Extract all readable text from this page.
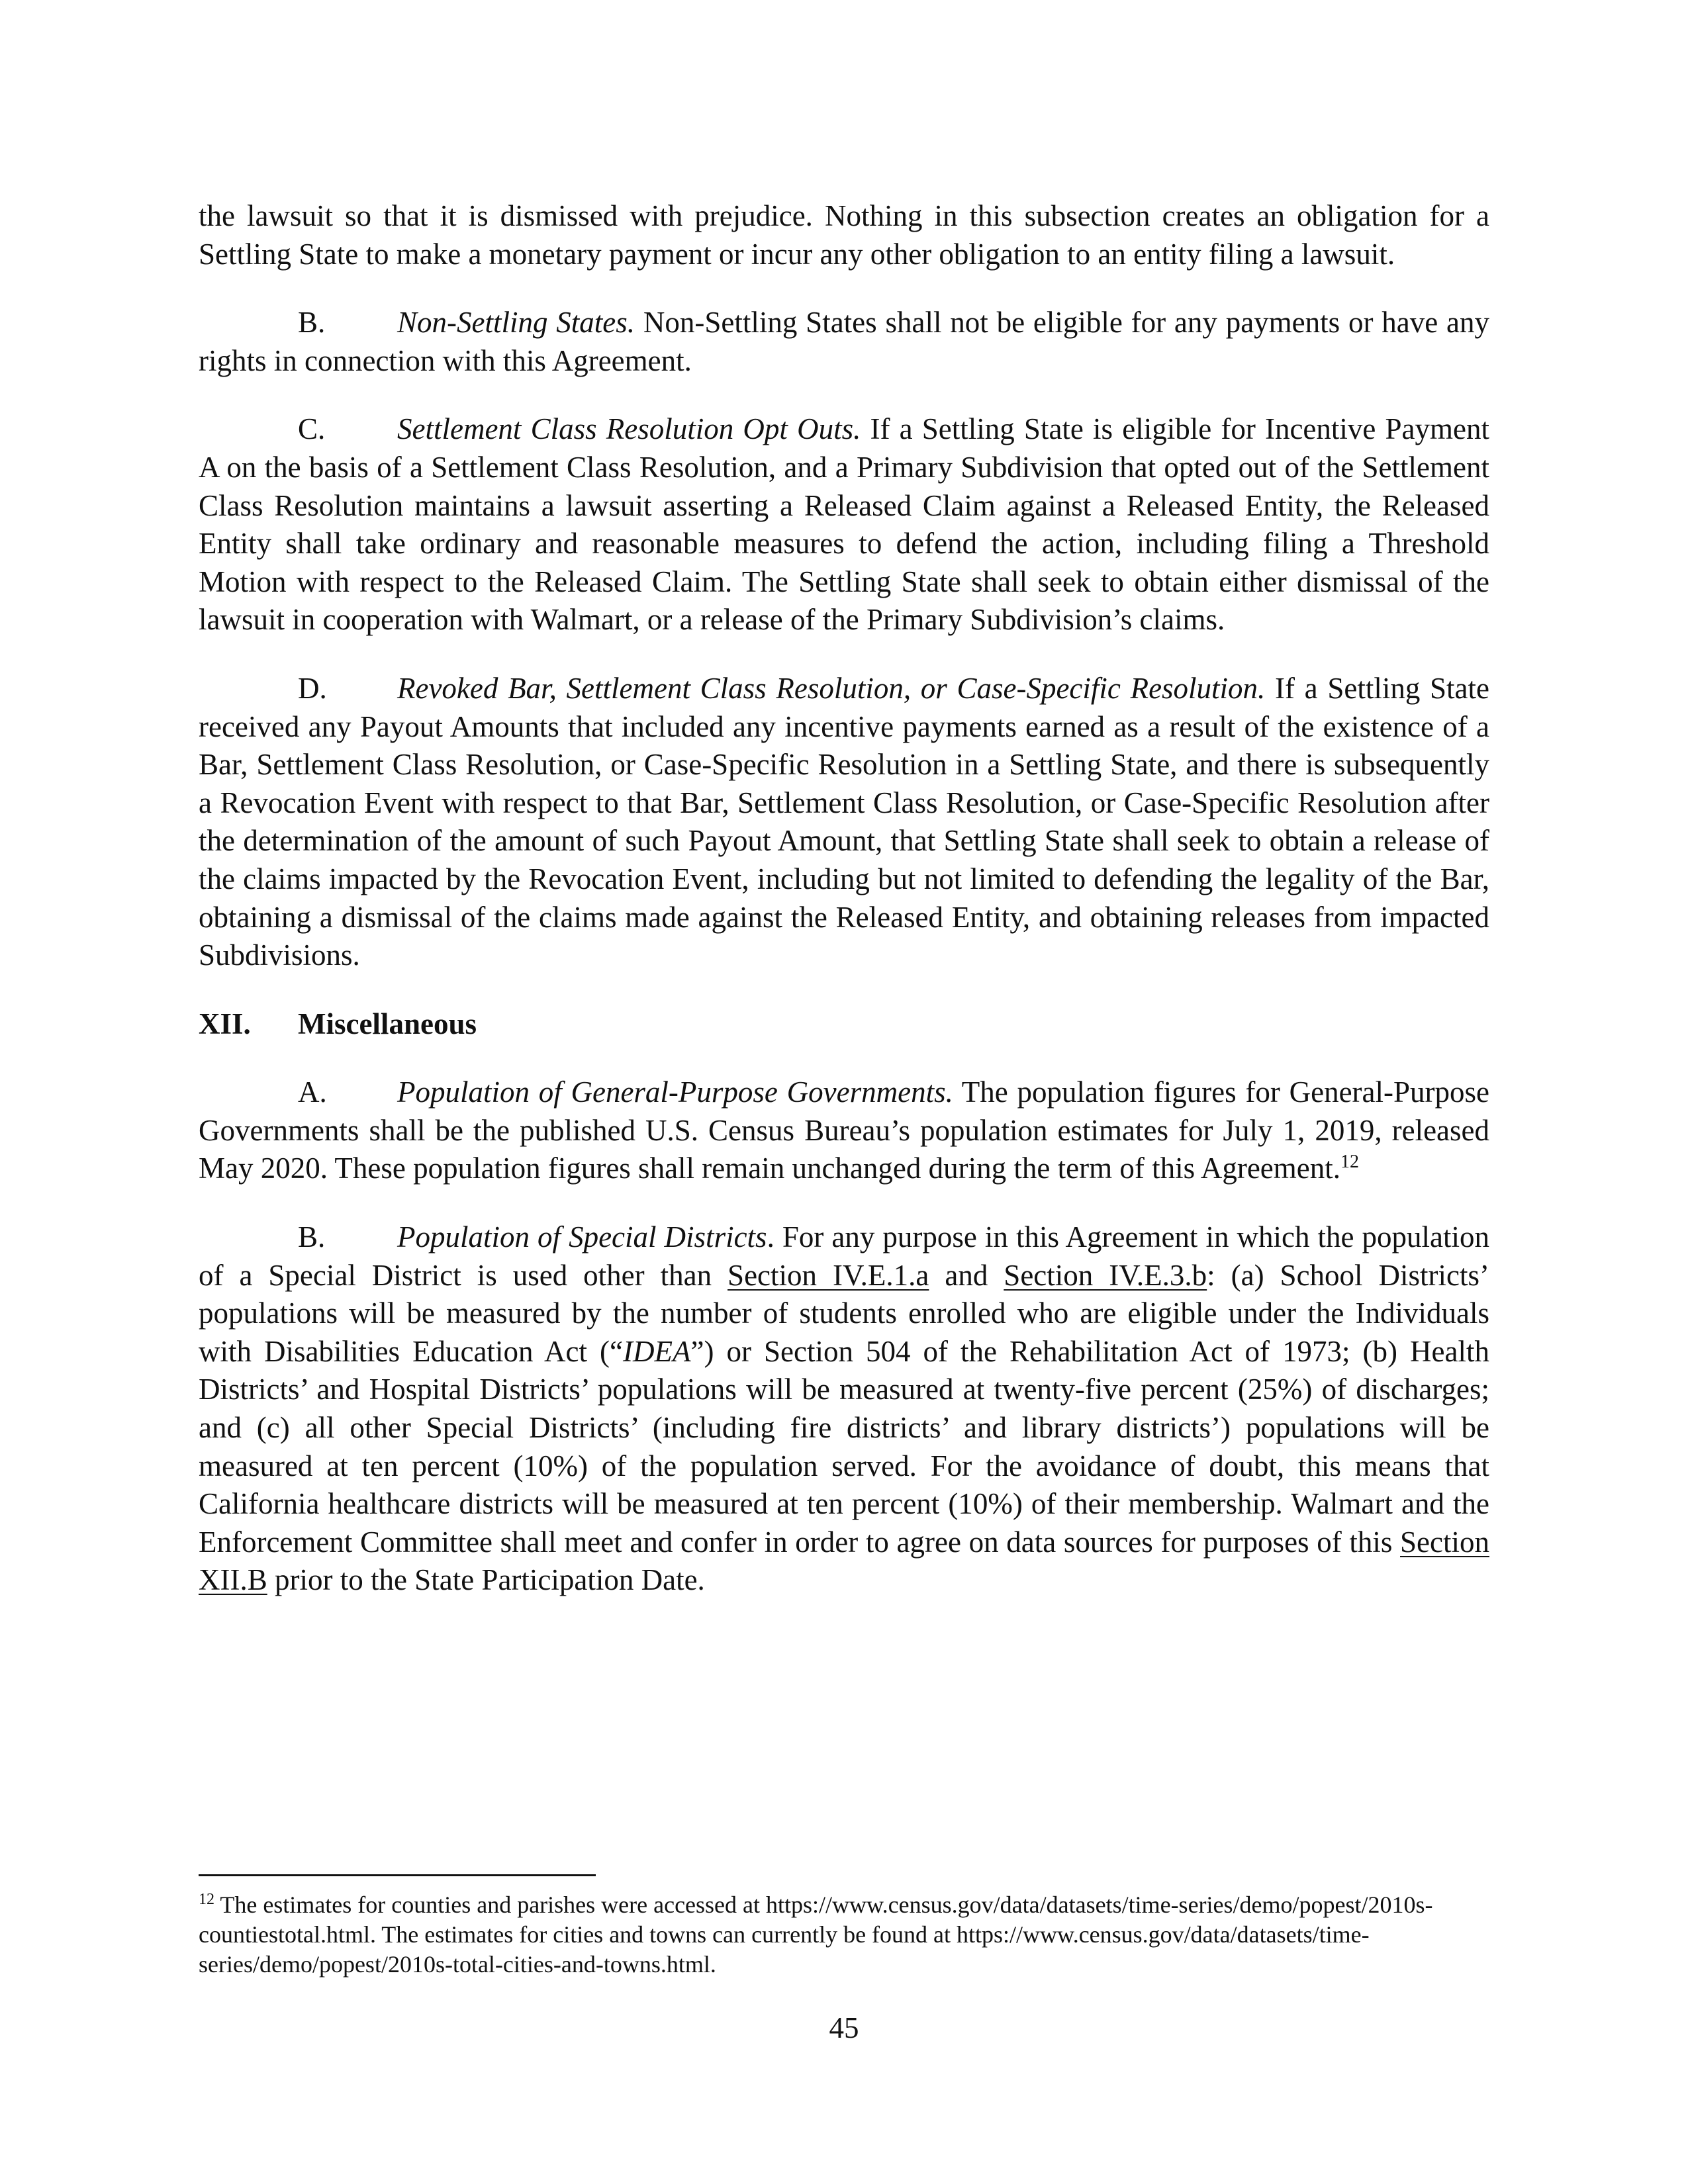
the lawsuit so that it is dismissed with prejudice. Nothing in this subsection creates an obligation for a Settling State to make a monetary payment or incur any other obligation to an entity filing a lawsuit.

B. Non-Settling States. Non-Settling States shall not be eligible for any payments or have any rights in connection with this Agreement.

C. Settlement Class Resolution Opt Outs. If a Settling State is eligible for Incentive Payment A on the basis of a Settlement Class Resolution, and a Primary Subdivision that opted out of the Settlement Class Resolution maintains a lawsuit asserting a Released Claim against a Released Entity, the Released Entity shall take ordinary and reasonable measures to defend the action, including filing a Threshold Motion with respect to the Released Claim. The Settling State shall seek to obtain either dismissal of the lawsuit in cooperation with Walmart, or a release of the Primary Subdivision’s claims.

D. Revoked Bar, Settlement Class Resolution, or Case-Specific Resolution. If a Settling State received any Payout Amounts that included any incentive payments earned as a result of the existence of a Bar, Settlement Class Resolution, or Case-Specific Resolution in a Settling State, and there is subsequently a Revocation Event with respect to that Bar, Settlement Class Resolution, or Case-Specific Resolution after the determination of the amount of such Payout Amount, that Settling State shall seek to obtain a release of the claims impacted by the Revocation Event, including but not limited to defending the legality of the Bar, obtaining a dismissal of the claims made against the Released Entity, and obtaining releases from impacted Subdivisions.

XII. Miscellaneous

A. Population of General-Purpose Governments. The population figures for General-Purpose Governments shall be the published U.S. Census Bureau’s population estimates for July 1, 2019, released May 2020. These population figures shall remain unchanged during the term of this Agreement.$^{12}$

B. Population of Special Districts. For any purpose in this Agreement in which the population of a Special District is used other than Section IV.E.1.a and Section IV.E.3.b: (a) School Districts’ populations will be measured by the number of students enrolled who are eligible under the Individuals with Disabilities Education Act (“IDEA”) or Section 504 of the Rehabilitation Act of 1973; (b) Health Districts’ and Hospital Districts’ populations will be measured at twenty-five percent (25%) of discharges; and (c) all other Special Districts’ (including fire districts’ and library districts’) populations will be measured at ten percent (10%) of the population served. For the avoidance of doubt, this means that California healthcare districts will be measured at ten percent (10%) of their membership. Walmart and the Enforcement Committee shall meet and confer in order to agree on data sources for purposes of this Section XII.B prior to the State Participation Date.

$^{12}$ The estimates for counties and parishes were accessed at https://www.census.gov/data/datasets/time-series/demo/popest/2010s-countiestotal.html. The estimates for cities and towns can currently be found at https://www.census.gov/data/datasets/time-series/demo/popest/2010s-total-cities-and-towns.html.
45
